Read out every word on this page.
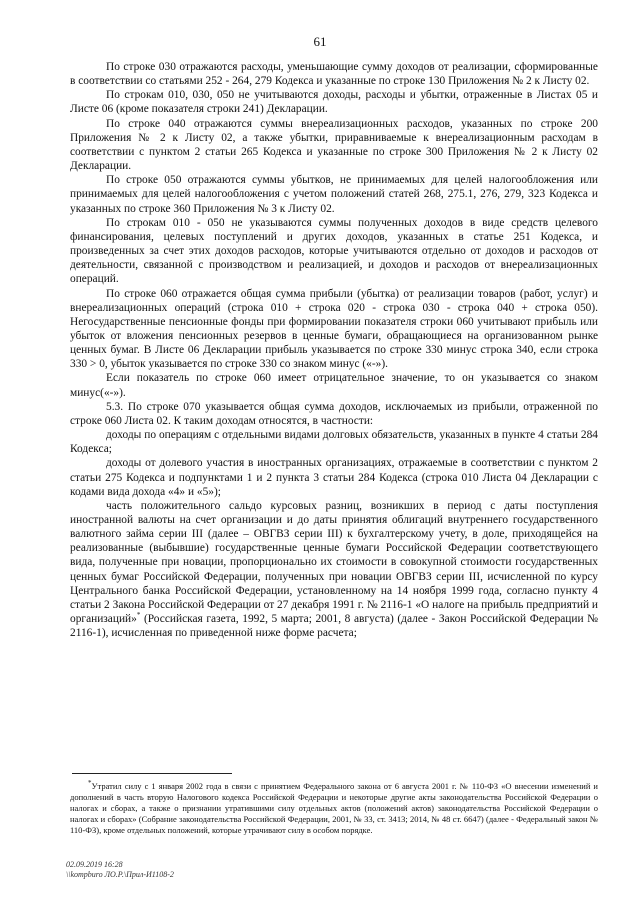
61

По строке 030 отражаются расходы, уменьшающие сумму доходов от реализации, сформированные в соответствии со статьями 252 - 264, 279 Кодекса и указанные по строке 130 Приложения № 2 к Листу 02.

По строкам 010, 030, 050 не учитываются доходы, расходы и убытки, отраженные в Листах 05 и Листе 06 (кроме показателя строки 241) Декларации.

По строке 040 отражаются суммы внереализационных расходов, указанных по строке 200 Приложения № 2 к Листу 02, а также убытки, приравниваемые к внереализационным расходам в соответствии с пунктом 2 статьи 265 Кодекса и указанные по строке 300 Приложения № 2 к Листу 02 Декларации.

По строке 050 отражаются суммы убытков, не принимаемых для целей налогообложения или принимаемых для целей налогообложения с учетом положений статей 268, 275.1, 276, 279, 323 Кодекса и указанных по строке 360 Приложения № 3 к Листу 02.

По строкам 010 - 050 не указываются суммы полученных доходов в виде средств целевого финансирования, целевых поступлений и других доходов, указанных в статье 251 Кодекса, и произведенных за счет этих доходов расходов, которые учитываются отдельно от доходов и расходов от деятельности, связанной с производством и реализацией, и доходов и расходов от внереализационных операций.

По строке 060 отражается общая сумма прибыли (убытка) от реализации товаров (работ, услуг) и внереализационных операций (строка 010 + строка 020 - строка 030 - строка 040 + строка 050). Негосударственные пенсионные фонды при формировании показателя строки 060 учитывают прибыль или убыток от вложения пенсионных резервов в ценные бумаги, обращающиеся на организованном рынке ценных бумаг. В Листе 06 Декларации прибыль указывается по строке 330 минус строка 340, если строка 330 > 0, убыток указывается по строке 330 со знаком минус («-»).

Если показатель по строке 060 имеет отрицательное значение, то он указывается со знаком минус(«-»).

5.3. По строке 070 указывается общая сумма доходов, исключаемых из прибыли, отраженной по строке 060 Листа 02. К таким доходам относятся, в частности:

доходы по операциям с отдельными видами долговых обязательств, указанных в пункте 4 статьи 284 Кодекса;

доходы от долевого участия в иностранных организациях, отражаемые в соответствии с пунктом 2 статьи 275 Кодекса и подпунктами 1 и 2 пункта 3 статьи 284 Кодекса (строка 010 Листа 04 Декларации с кодами вида дохода «4» и «5»);

часть положительного сальдо курсовых разниц, возникших в период с даты поступления иностранной валюты на счет организации и до даты принятия облигаций внутреннего государственного валютного займа серии III (далее – ОВГВЗ серии III) к бухгалтерскому учету, в доле, приходящейся на реализованные (выбывшие) государственные ценные бумаги Российской Федерации соответствующего вида, полученные при новации, пропорционально их стоимости в совокупной стоимости государственных ценных бумаг Российской Федерации, полученных при новации ОВГВЗ серии III, исчисленной по курсу Центрального банка Российской Федерации, установленному на 14 ноября 1999 года, согласно пункту 4 статьи 2 Закона Российской Федерации от 27 декабря 1991 г. № 2116-1 «О налоге на прибыль предприятий и организаций»* (Российская газета, 1992, 5 марта; 2001, 8 августа) (далее - Закон Российской Федерации № 2116-1), исчисленная по приведенной ниже форме расчета;

*Утратил силу с 1 января 2002 года в связи с принятием Федерального закона от 6 августа 2001 г. № 110-ФЗ «О внесении изменений и дополнений в часть вторую Налогового кодекса Российской Федерации и некоторые другие акты законодательства Российской Федерации о налогах и сборах, а также о признании утратившими силу отдельных актов (положений актов) законодательства Российской Федерации о налогах и сборах» (Собрание законодательства Российской Федерации, 2001, № 33, ст. 3413; 2014, № 48 ст. 6647) (далее - Федеральный закон № 110-ФЗ), кроме отдельных положений, которые утрачивают силу в особом порядке.

02.09.2019 16:28
\\kompburo ЛО.Р.\Прил-И1108-2
